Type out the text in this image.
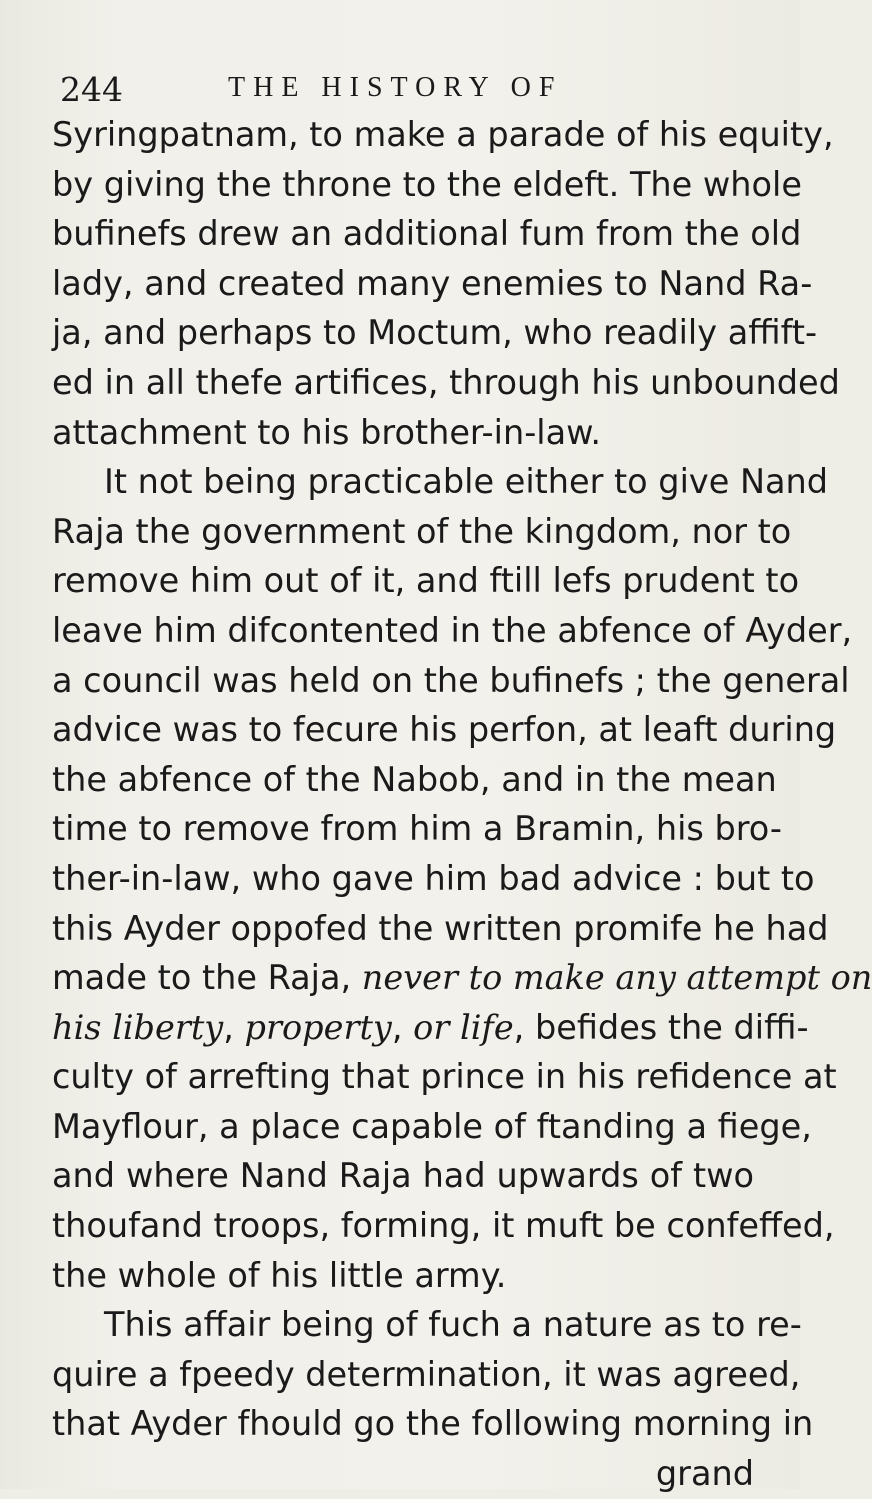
244	THE HISTORY OF
Syringpatnam, to make a parade of his equity,
by giving the throne to the eldeft. The whole
bufinefs drew an additional fum from the old
lady, and created many enemies to Nand Ra-
ja, and perhaps to Moctum, who readily affift-
ed in all thefe artifices, through his unbounded
attachment to his brother-in-law.
It not being practicable either to give Nand
Raja the government of the kingdom, nor to
remove him out of it, and ftill lefs prudent to
leave him difcontented in the abfence of Ayder,
a council was held on the bufinefs ; the general
advice was to fecure his perfon, at leaft during
the abfence of the Nabob, and in the mean
time to remove from him a Bramin, his bro-
ther-in-law, who gave him bad advice : but to
this Ayder oppofed the written promife he had
made to the Raja, never to make any attempt on
his liberty, property, or life, befides the diffi-
culty of arrefting that prince in his refidence at
Mayflour, a place capable of ftanding a fiege,
and where Nand Raja had upwards of two
thoufand troops, forming, it muft be confeffed,
the whole of his little army.
This affair being of fuch a nature as to re-
quire a fpeedy determination, it was agreed,
that Ayder fhould go the following morning in
grand
